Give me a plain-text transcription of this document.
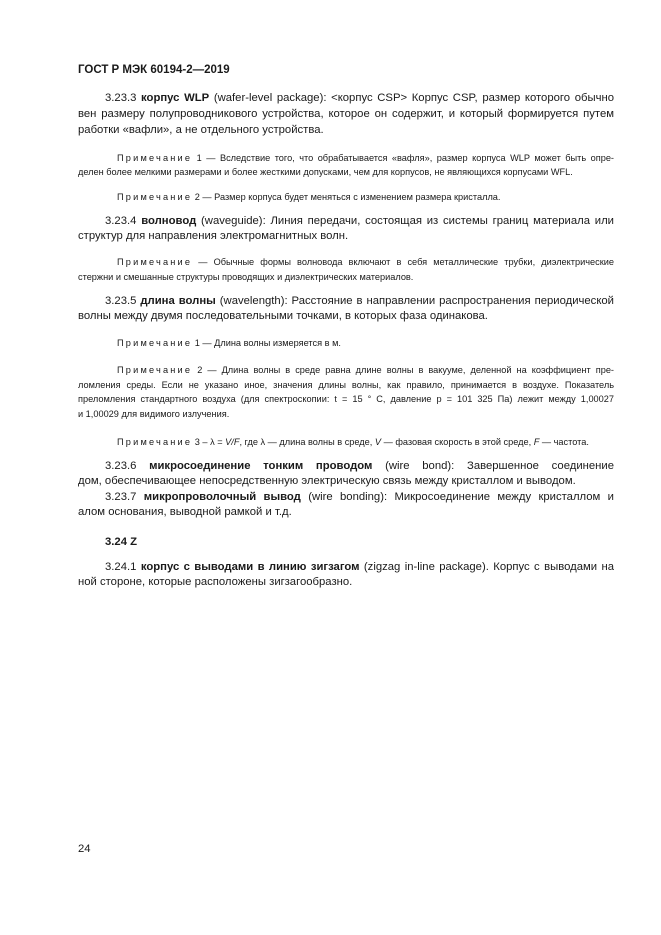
ГОСТ Р МЭК 60194-2—2019
3.23.3 корпус WLP (wafer-level package): <корпус CSP> Корпус CSP, размер которого обычно
вен размеру полупроводникового устройства, которое он содержит, и который формируется путем
работки «вафли», а не отдельного устройства.
Примечание 1 — Вследствие того, что обрабатывается «вафля», размер корпуса WLP может быть опре-
делен более мелкими размерами и более жесткими допусками, чем для корпусов, не являющихся корпусами WFL.
Примечание 2 — Размер корпуса будет меняться с изменением размера кристалла.
3.23.4 волновод (waveguide): Линия передачи, состоящая из системы границ материала или
структур для направления электромагнитных волн.
Примечание — Обычные формы волновода включают в себя металлические трубки, диэлектрические
стержни и смешанные структуры проводящих и диэлектрических материалов.
3.23.5 длина волны (wavelength): Расстояние в направлении распространения периодической
волны между двумя последовательными точками, в которых фаза одинакова.
Примечание 1 — Длина волны измеряется в м.
Примечание 2 — Длина волны в среде равна длине волны в вакууме, деленной на коэффициент пре-
ломления среды. Если не указано иное, значения длины волны, как правило, принимается в воздухе. Показатель
преломления стандартного воздуха (для спектроскопии: t = 15 ° С, давление р = 101 325 Па) лежит между 1,00027
и 1,00029 для видимого излучения.
Примечание 3 – λ = V/F, где λ — длина волны в среде, V — фазовая скорость в этой среде, F — частота.
3.23.6 микросоединение тонким проводом (wire bond): Завершенное соединение
дом, обеспечивающее непосредственную электрическую связь между кристаллом и выводом.
3.23.7 микропроволочный вывод (wire bonding): Микросоединение между кристаллом и
алом основания, выводной рамкой и т.д.
3.24 Z
3.24.1 корпус с выводами в линию зигзагом (zigzag in-line package). Корпус с выводами на
ной стороне, которые расположены зигзагообразно.
24
